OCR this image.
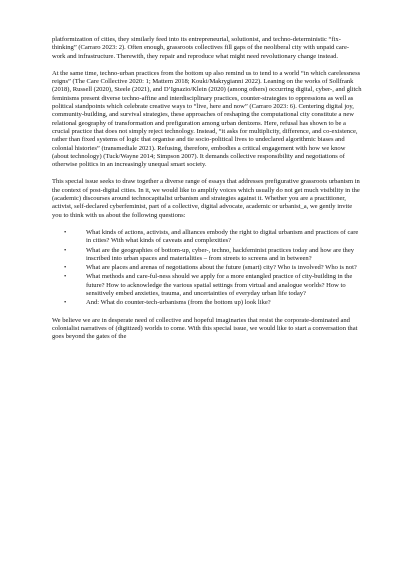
platformization of cities, they similarly feed into its entrepreneurial, solutionist, and techno-deterministic “fix-thinking” (Carraro 2023: 2). Often enough, grassroots collectives fill gaps of the neoliberal city with unpaid care-work and infrastructure. Therewith, they repair and reproduce what might need revolutionary change instead.

At the same time, techno-urban practices from the bottom up also remind us to tend to a world “in which carelessness reigns” (The Care Collective 2020: 1; Mattern 2018; Kouki/Makrygianni 2022). Leaning on the works of Sollfrank (2018), Russell (2020), Steele (2021), and D’Ignazio/Klein (2020) (among others) occurring digital, cyber-, and glitch feminisms present diverse techno-affine and interdisciplinary practices, counter-strategies to oppressions as well as political standpoints which celebrate creative ways to “live, here and now” (Carraro 2023: 6). Centering digital joy, community-building, and survival strategies, these approaches of reshaping the computational city constitute a new relational geography of transformation and prefiguration among urban denizens. Here, refusal has shown to be a crucial practice that does not simply reject technology. Instead, “it asks for multiplicity, difference, and co-existence, rather than fixed systems of logic that organise and tie socio-political lives to undeclared algorithmic biases and colonial histories” (transmediale 2021). Refusing, therefore, embodies a critical engagement with how we know (about technology) (Tuck/Wayne 2014; Simpson 2007). It demands collective responsibility and negotiations of otherwise politics in an increasingly unequal smart society.

This special issue seeks to draw together a diverse range of essays that addresses prefigurative grassroots urbanism in the context of post-digital cities. In it, we would like to amplify voices which usually do not get much visibility in the (academic) discourses around technocapitalist urbanism and strategies against it. Whether you are a practitioner, activist, self-declared cyberfeminist, part of a collective, digital advocate, academic or urbanist_a, we gently invite you to think with us about the following questions:

•	What kinds of actions, activists, and alliances embody the right to digital urbanism and practices of care in cities? With what kinds of caveats and complexities?
•	What are the geographies of bottom-up, cyber-, techno, hackfeminist practices today and how are they inscribed into urban spaces and materialities – from streets to screens and in between?
•	What are places and arenas of negotiations about the future (smart) city? Who is involved? Who is not?
•	What methods and care-ful-ness should we apply for a more entangled practice of city-building in the future? How to acknowledge the various spatial settings from virtual and analogue worlds? How to sensitively embed anxieties, trauma, and uncertainties of everyday urban life today?
•	And: What do counter-tech-urbanisms (from the bottom up) look like?

We believe we are in desperate need of collective and hopeful imaginaries that resist the corporate-dominated and colonialist narratives of (digitized) worlds to come. With this special issue, we would like to start a conversation that goes beyond the gates of the
